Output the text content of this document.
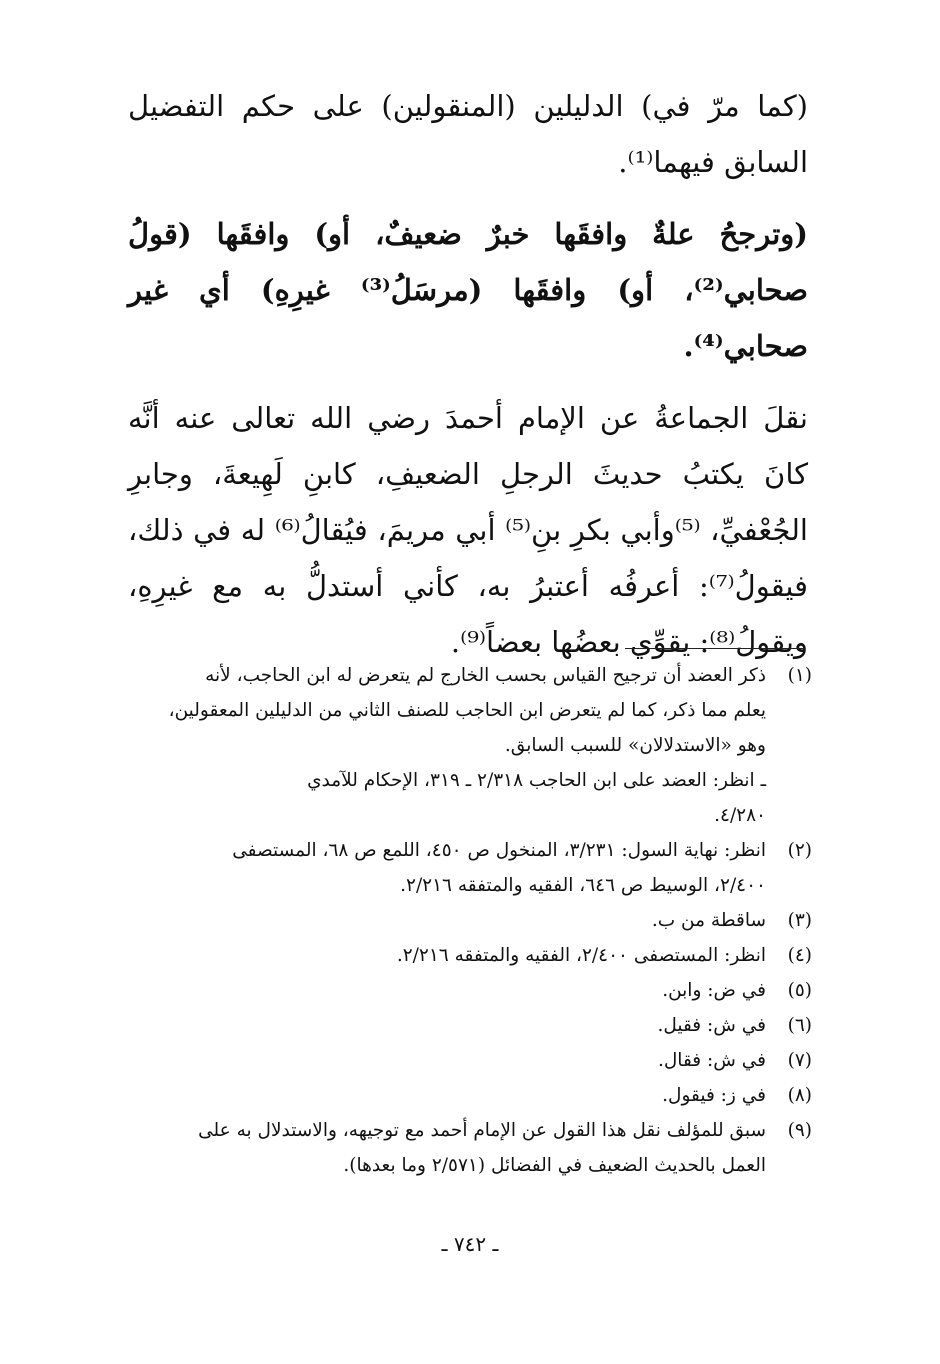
(كما مرّ في) الدليلين (المنقولين) على حكم التفضيل السابق فيهما⁽¹⁾.

(وترجحُ علةٌ وافقَها خبرٌ ضعيفٌ، أو) وافقَها (قولُ صحابي⁽²⁾، أو) وافقَها (مرسَلُ⁽³⁾ غيرِهِ) أي غير صحابي⁽⁴⁾.

نقلَ الجماعةُ عن الإمام أحمدَ رضي الله تعالى عنه أنَّه كانَ يكتبُ حديثَ الرجلِ الضعيفِ، كابنِ لَهِيعةَ، وجابرِ الجُعْفيِّ، ⁽⁵⁾وأبي بكرِ بنِ⁽⁵⁾ أبي مريمَ، فيُقالُ⁽⁶⁾ له في ذلك، فيقولُ⁽⁷⁾: أعرفُه أعتبرُ به، كأني أستدلُّ به مع غيرِهِ، ويقولُ⁽⁸⁾: يقوِّي بعضُها بعضاً⁽⁹⁾.

(١)
ذكر العضد أن ترجيح القياس بحسب الخارج لم يتعرض له ابن الحاجب، لأنه
يعلم مما ذكر، كما لم يتعرض ابن الحاجب للصنف الثاني من الدليلين المعقولين،
وهو «الاستدلالان» للسبب السابق.
ـ انظر: العضد على ابن الحاجب ٢/٣١٨ ـ ٣١٩، الإحكام للآمدي
٤/٢٨٠.
(٢)
انظر: نهاية السول: ٣/٢٣١، المنخول ص ٤٥٠، اللمع ص ٦٨، المستصفى
٢/٤٠٠، الوسيط ص ٦٤٦، الفقيه والمتفقه ٢/٢١٦.
(٣)
ساقطة من ب.
(٤)
انظر: المستصفى ٢/٤٠٠، الفقيه والمتفقه ٢/٢١٦.
(٥)
في ض: وابن.
(٦)
في ش: فقيل.
(٧)
في ش: فقال.
(٨)
في ز: فيقول.
(٩)
سبق للمؤلف نقل هذا القول عن الإمام أحمد مع توجيهه، والاستدلال به على
العمل بالحديث الضعيف في الفضائل (٢/٥٧١ وما بعدها).
ـ ٧٤٢ ـ
